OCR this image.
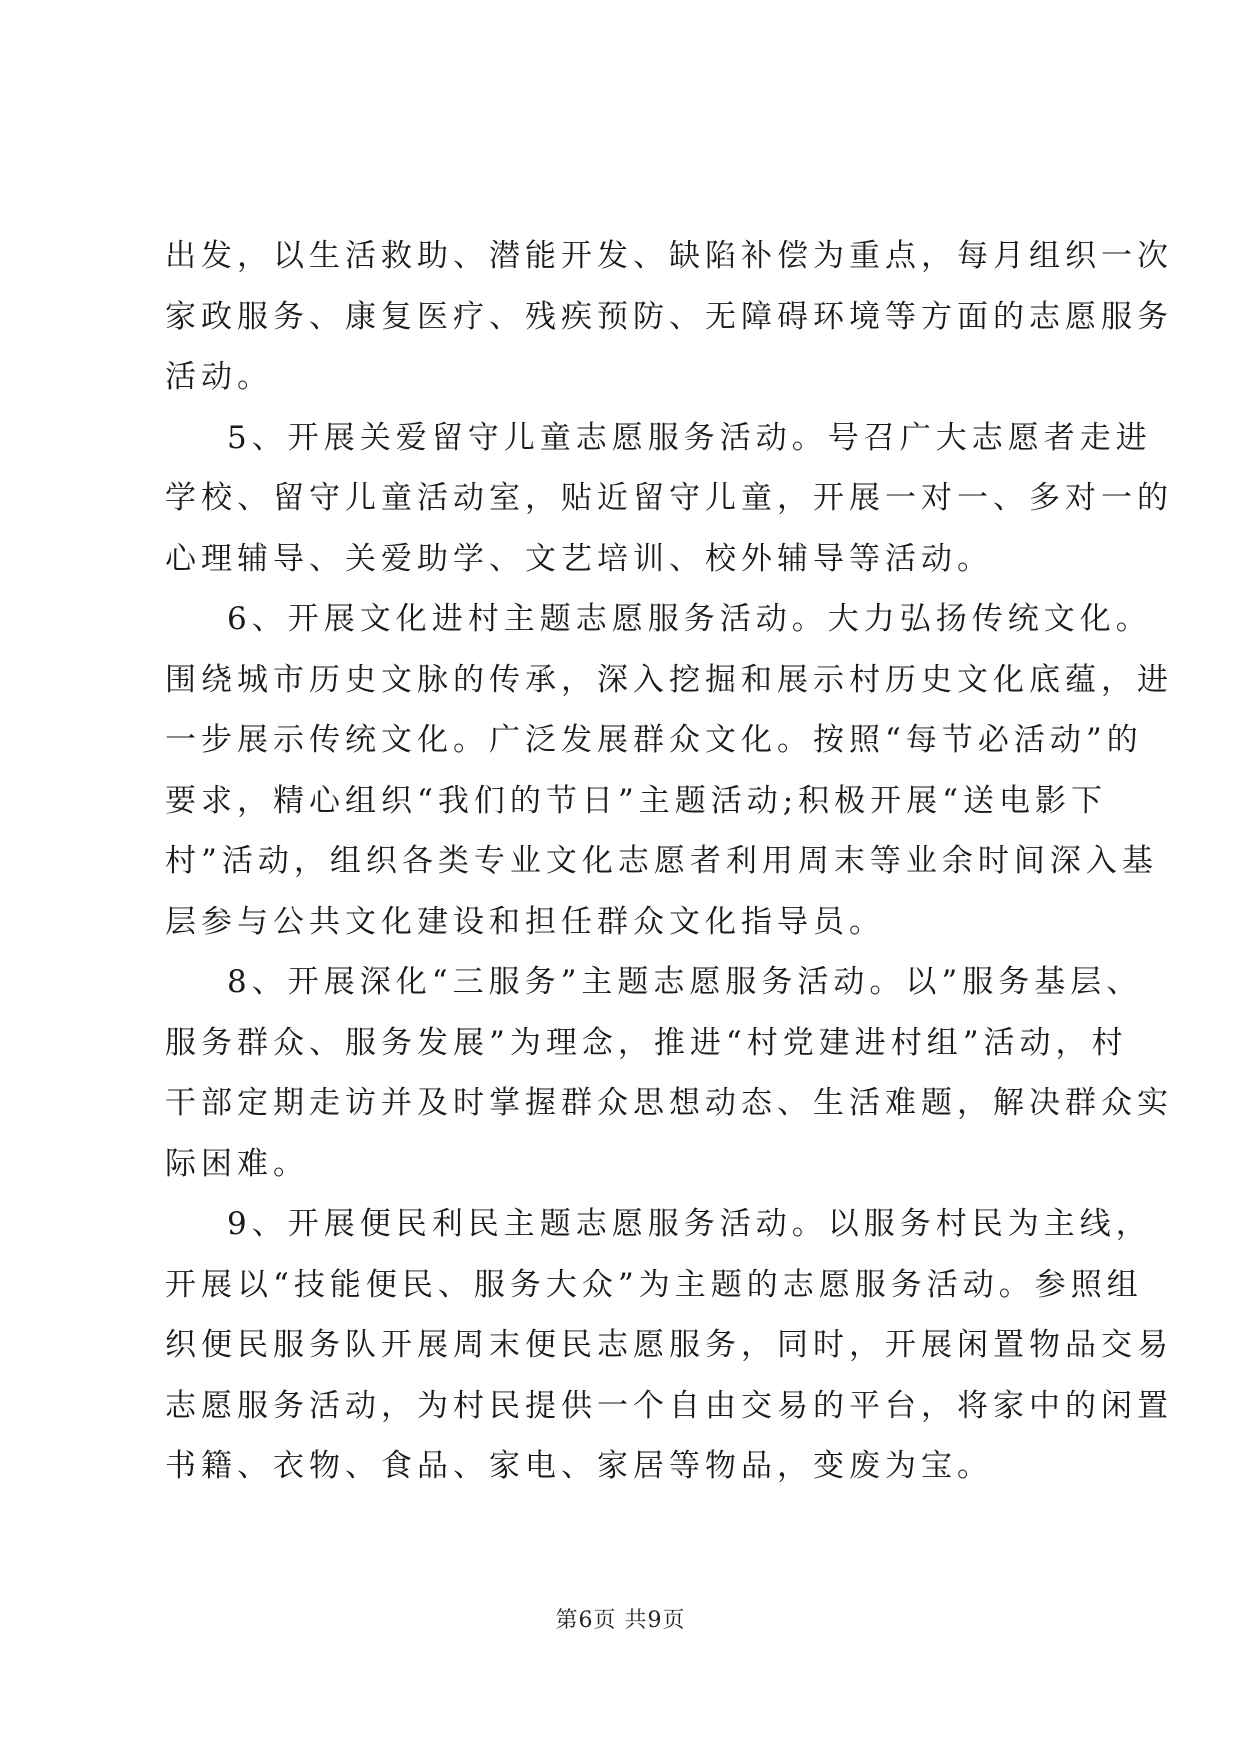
出发，以生活救助、潜能开发、缺陷补偿为重点，每月组织一次
家政服务、康复医疗、残疾预防、无障碍环境等方面的志愿服务
活动。
5、开展关爱留守儿童志愿服务活动。号召广大志愿者走进
学校、留守儿童活动室，贴近留守儿童，开展一对一、多对一的
心理辅导、关爱助学、文艺培训、校外辅导等活动。
6、开展文化进村主题志愿服务活动。大力弘扬传统文化。
围绕城市历史文脉的传承，深入挖掘和展示村历史文化底蕴，进
一步展示传统文化。广泛发展群众文化。按照“每节必活动”的
要求，精心组织“我们的节日”主题活动;积极开展“送电影下
村”活动，组织各类专业文化志愿者利用周末等业余时间深入基
层参与公共文化建设和担任群众文化指导员。
8、开展深化“三服务”主题志愿服务活动。以”服务基层、
服务群众、服务发展”为理念，推进“村党建进村组”活动，村
干部定期走访并及时掌握群众思想动态、生活难题，解决群众实
际困难。
9、开展便民利民主题志愿服务活动。以服务村民为主线，
开展以“技能便民、服务大众”为主题的志愿服务活动。参照组
织便民服务队开展周末便民志愿服务，同时，开展闲置物品交易
志愿服务活动，为村民提供一个自由交易的平台，将家中的闲置
书籍、衣物、食品、家电、家居等物品，变废为宝。
第6页 共9页
